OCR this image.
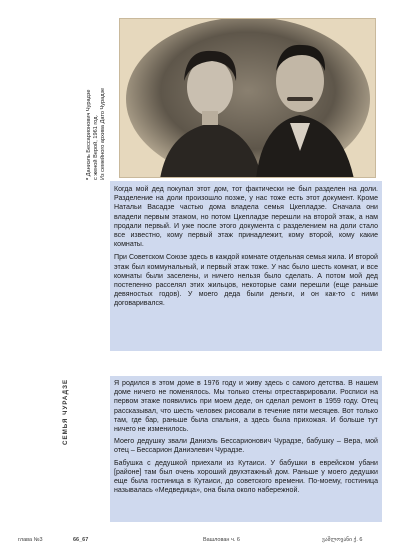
* Даниэль Бессарионович Чурадзе с женой Верой, 1961 год. Из семейного архива Дато Чурадзе

Когда мой дед покупал этот дом, тот фактически не был разделен на доли. Разделение на доли произошло позже, у нас тоже есть этот документ. Кроме Натальи Васадзе частью дома владела семья Цкепладзе. Сначала они владели первым этажом, но потом Цкепладзе перешли на второй этаж, а нам продали первый. И уже после этого документа с разделением на доли стало все известно, кому первый этаж принадлежит, кому второй, кому какие комнаты.

При Советском Союзе здесь в каждой комнате отдельная семья жила. И второй этаж был коммунальный, и первый этаж тоже. У нас было шесть комнат, и все комнаты были заселены, и ничего нельзя было сделать. А потом мой дед постепенно расселял этих жильцов, некоторые сами перешли (еще раньше девяностых годов). У моего деда были деньги, и он как-то с ними договаривался.

СЕМЬЯ ЧУРАДЗЕ	Я родился в этом доме в 1976 году и живу здесь с самого детства. В нашем доме ничего не поменялось. Мы только стены отреставрировали. Росписи на первом этаже появились при моем деде, он сделал ремонт в 1959 году. Отец рассказывал, что шесть человек рисовали в течение пяти месяцев. Вот только там, где бар, раньше была спальня, а здесь была прихожая. И больше тут ничего не изменилось.

Моего дедушку звали Даниэль Бессарионович Чурадзе, бабушку – Вера, мой отец – Бессарион Даниэлевич Чурадзе.

Бабушка с дедушкой приехали из Кутаиси. У бабушки в еврейском убани [районе] там был очень хороший двухэтажный дом. Раньше у моего дедушки еще была гостиница в Кутаиси, до советского времени. По-моему, гостиница называлась «Медведица», она была около набережной.

глава №3	66_67	Вашлован ч. 6	ვაშლოვანი ქ. 6
